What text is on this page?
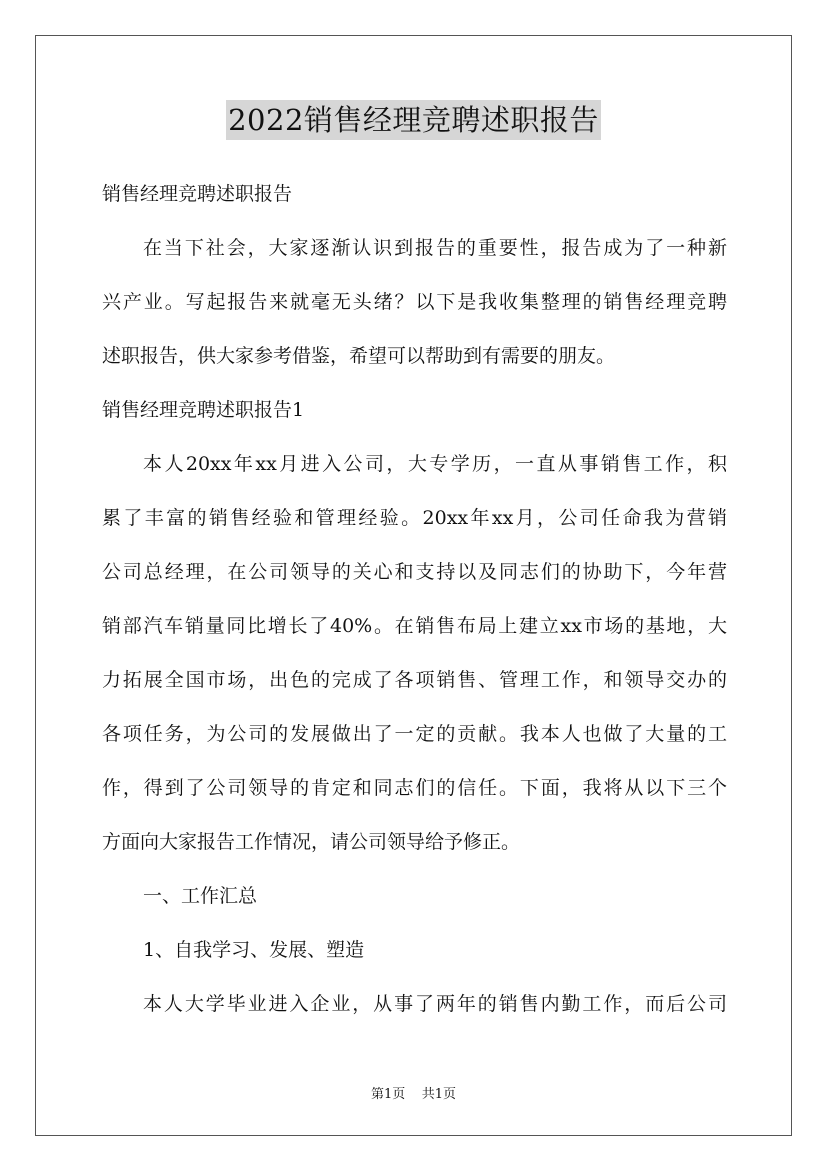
2022销售经理竞聘述职报告
销售经理竞聘述职报告
在当下社会，大家逐渐认识到报告的重要性，报告成为了一种新
兴产业。写起报告来就毫无头绪？以下是我收集整理的销售经理竞聘
述职报告，供大家参考借鉴，希望可以帮助到有需要的朋友。
销售经理竞聘述职报告1
本人20xx年xx月进入公司，大专学历，一直从事销售工作，积
累了丰富的销售经验和管理经验。20xx年xx月，公司任命我为营销
公司总经理，在公司领导的关心和支持以及同志们的协助下，今年营
销部汽车销量同比增长了40%。在销售布局上建立xx市场的基地，大
力拓展全国市场，出色的完成了各项销售、管理工作，和领导交办的
各项任务，为公司的发展做出了一定的贡献。我本人也做了大量的工
作，得到了公司领导的肯定和同志们的信任。下面，我将从以下三个
方面向大家报告工作情况，请公司领导给予修正。
一、工作汇总
1、自我学习、发展、塑造
本人大学毕业进入企业，从事了两年的销售内勤工作，而后公司
第1页 共1页
